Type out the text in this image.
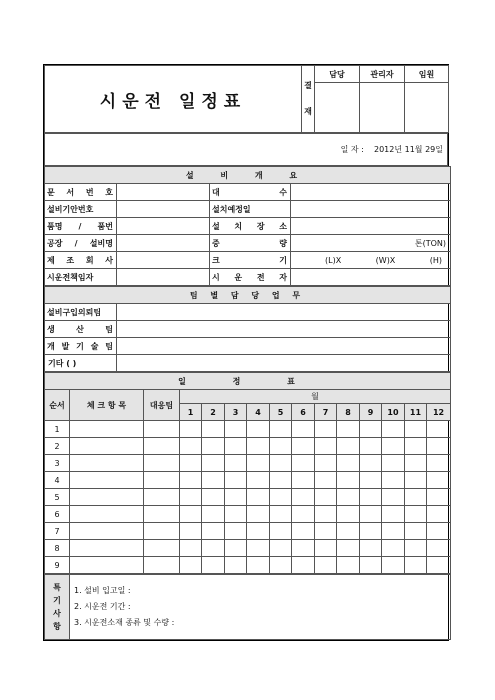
시운전 일정표	결
재	담당	관리자	임원

일 자 : 2012년 11월 29일
설 비 개 요			
문 서 번 호		대 수	
설비기안번호		설치예정일	
품명 / 품번		설 치 장 소	
공장 / 설비명		중 량	톤(TON)
제 조 회 사		크 기	(L)X (W)X (H)

시운전책임자		시 운 전 자	
팀 별 담 당 업 무	
설비구입의뢰팀	
생 산 팀	
개 발 기 술 팀	
기타 ( )	
일 정 표														
순서	체 크 항 목	대응팀	월											
			1	2	3	4	5	6	7	8	9	10	11	12
1														
2														
3														
4														
5														
6														
7														
8														
9														
특기사항	
1. 설비 입고일 :
2. 시운전 기간 :
3. 시운전소재 종류 및 수량 :
